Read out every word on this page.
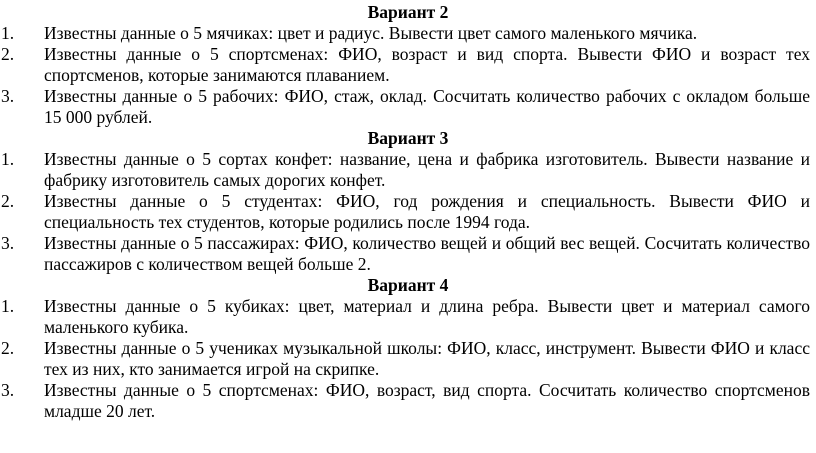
Вариант 2
1.	Известны данные о 5 мячиках: цвет и радиус. Вывести цвет самого маленького мячика.
2.	Известны данные о 5 спортсменах: ФИО, возраст и вид спорта. Вывести ФИО и возраст тех спортсменов, которые занимаются плаванием.
3.	Известны данные о 5 рабочих: ФИО, стаж, оклад. Сосчитать количество рабочих с окладом больше 15 000 рублей.
Вариант 3
1.	Известны данные о 5 сортах конфет: название, цена и фабрика изготовитель. Вывести название и фабрику изготовитель самых дорогих конфет.
2.	Известны данные о 5 студентах: ФИО, год рождения и специальность. Вывести ФИО и специальность тех студентов, которые родились после 1994 года.
3.	Известны данные о 5 пассажирах: ФИО, количество вещей и общий вес вещей. Сосчитать количество пассажиров с количеством вещей больше 2.
Вариант 4
1.	Известны данные о 5 кубиках: цвет, материал и длина ребра. Вывести цвет и материал самого маленького кубика.
2.	Известны данные о 5 учениках музыкальной школы: ФИО, класс, инструмент. Вывести ФИО и класс тех из них, кто занимается игрой на скрипке.
3.	Известны данные о 5 спортсменах: ФИО, возраст, вид спорта. Сосчитать количество спортсменов младше 20 лет.
